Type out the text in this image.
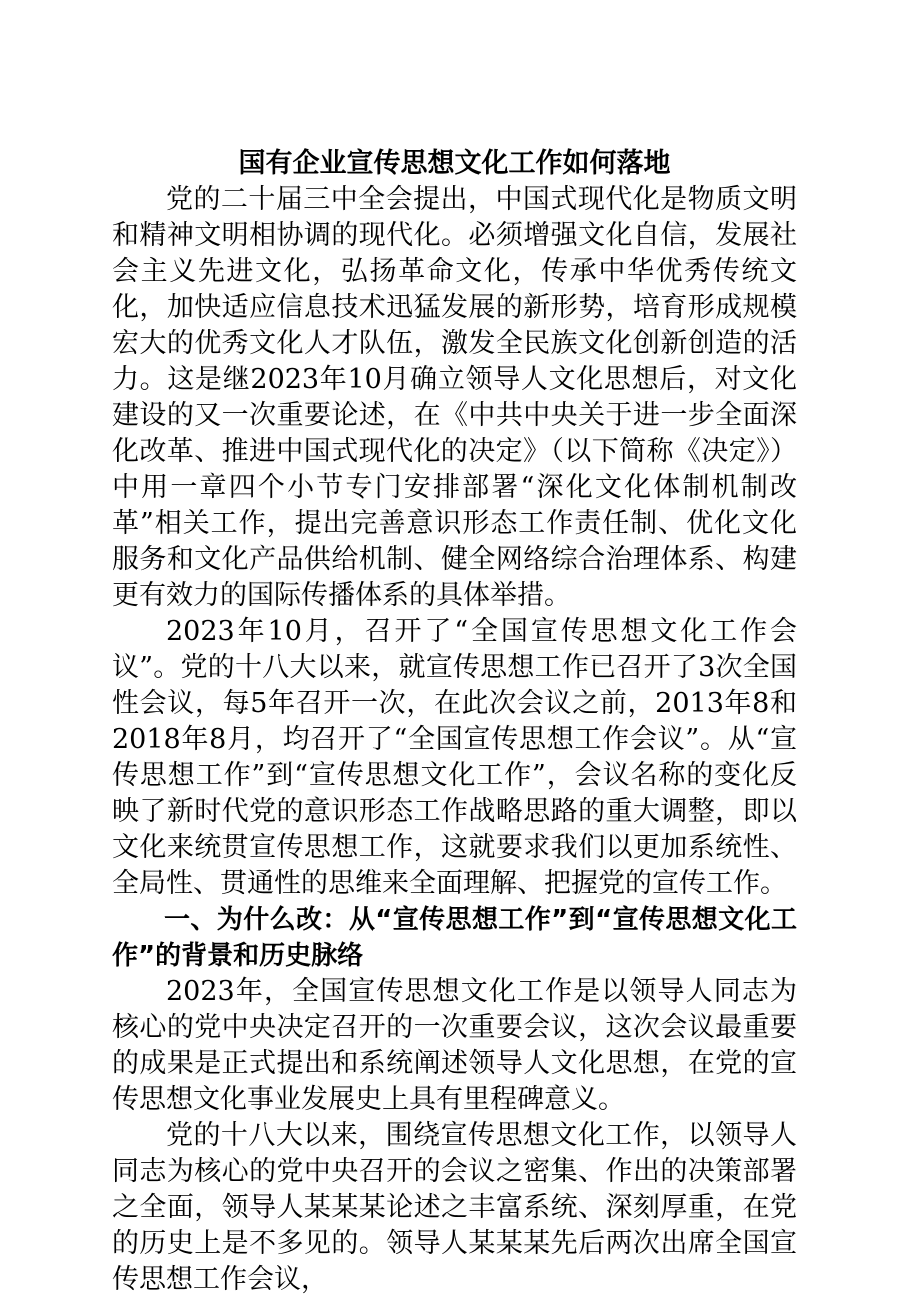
国有企业宣传思想文化工作如何落地

党的二十届三中全会提出，中国式现代化是物质文明和精神文明相协调的现代化。必须增强文化自信，发展社会主义先进文化，弘扬革命文化，传承中华优秀传统文化，加快适应信息技术迅猛发展的新形势，培育形成规模宏大的优秀文化人才队伍，激发全民族文化创新创造的活力。这是继2023年10月确立领导人文化思想后，对文化建设的又一次重要论述，在《中共中央关于进一步全面深化改革、推进中国式现代化的决定》（以下简称《决定》）中用一章四个小节专门安排部署“深化文化体制机制改革”相关工作，提出完善意识形态工作责任制、优化文化服务和文化产品供给机制、健全网络综合治理体系、构建更有效力的国际传播体系的具体举措。

2023年10月，召开了“全国宣传思想文化工作会议”。党的十八大以来，就宣传思想工作已召开了3次全国性会议，每5年召开一次，在此次会议之前，2013年8和2018年8月，均召开了“全国宣传思想工作会议”。从“宣传思想工作”到“宣传思想文化工作”，会议名称的变化反映了新时代党的意识形态工作战略思路的重大调整，即以文化来统贯宣传思想工作，这就要求我们以更加系统性、全局性、贯通性的思维来全面理解、把握党的宣传工作。

一、为什么改：从“宣传思想工作”到“宣传思想文化工作”的背景和历史脉络

2023年，全国宣传思想文化工作是以领导人同志为核心的党中央决定召开的一次重要会议，这次会议最重要的成果是正式提出和系统阐述领导人文化思想，在党的宣传思想文化事业发展史上具有里程碑意义。

党的十八大以来，围绕宣传思想文化工作，以领导人同志为核心的党中央召开的会议之密集、作出的决策部署之全面，领导人某某某论述之丰富系统、深刻厚重，在党的历史上是不多见的。领导人某某某先后两次出席全国宣传思想工作会议，
